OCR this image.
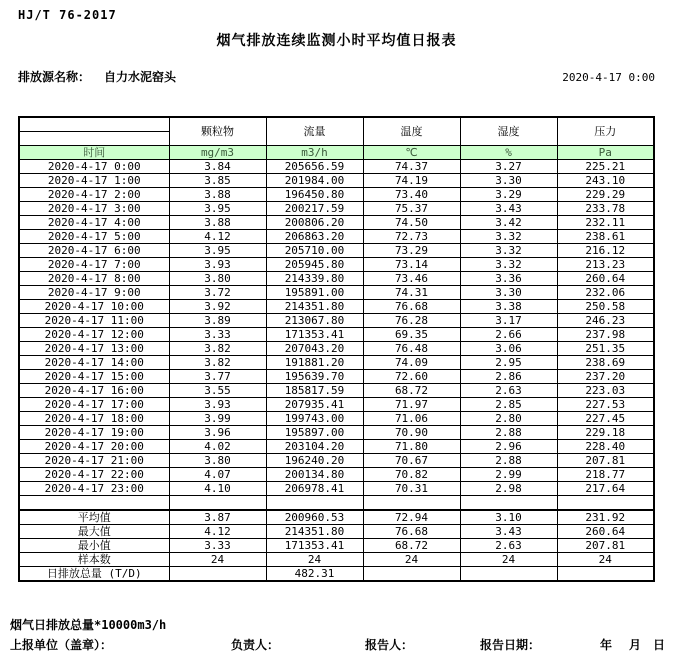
HJ/T 76-2017
烟气排放连续监测小时平均值日报表
排放源名称： 自力水泥窑头	2020-4-17 0:00
	颗粒物	流量	温度	湿度	压力

时间	mg/m3	m3/h	℃	%	Pa
2020-4-17 0:00	3.84	205656.59	74.37	3.27	225.21
2020-4-17 1:00	3.85	201984.00	74.19	3.30	243.10
2020-4-17 2:00	3.88	196450.80	73.40	3.29	229.29
2020-4-17 3:00	3.95	200217.59	75.37	3.43	233.78
2020-4-17 4:00	3.88	200806.20	74.50	3.42	232.11
2020-4-17 5:00	4.12	206863.20	72.73	3.32	238.61
2020-4-17 6:00	3.95	205710.00	73.29	3.32	216.12
2020-4-17 7:00	3.93	205945.80	73.14	3.32	213.23
2020-4-17 8:00	3.80	214339.80	73.46	3.36	260.64
2020-4-17 9:00	3.72	195891.00	74.31	3.30	232.06
2020-4-17 10:00	3.92	214351.80	76.68	3.38	250.58
2020-4-17 11:00	3.89	213067.80	76.28	3.17	246.23
2020-4-17 12:00	3.33	171353.41	69.35	2.66	237.98
2020-4-17 13:00	3.82	207043.20	76.48	3.06	251.35
2020-4-17 14:00	3.82	191881.20	74.09	2.95	238.69
2020-4-17 15:00	3.77	195639.70	72.60	2.86	237.20
2020-4-17 16:00	3.55	185817.59	68.72	2.63	223.03
2020-4-17 17:00	3.93	207935.41	71.97	2.85	227.53
2020-4-17 18:00	3.99	199743.00	71.06	2.80	227.45
2020-4-17 19:00	3.96	195897.00	70.90	2.88	229.18
2020-4-17 20:00	4.02	203104.20	71.80	2.96	228.40
2020-4-17 21:00	3.80	196240.20	70.67	2.88	207.81
2020-4-17 22:00	4.07	200134.80	70.82	2.99	218.77
2020-4-17 23:00	4.10	206978.41	70.31	2.98	217.64

平均值	3.87	200960.53	72.94	3.10	231.92
最大值	4.12	214351.80	76.68	3.43	260.64
最小值	3.33	171353.41	68.72	2.63	207.81
样本数	24	24	24	24	24
日排放总量 (T/D)		482.31			
烟气日排放总量*10000m3/h
上报单位（盖章）：	负责人：	报告人：	报告日期：	年 月 日
